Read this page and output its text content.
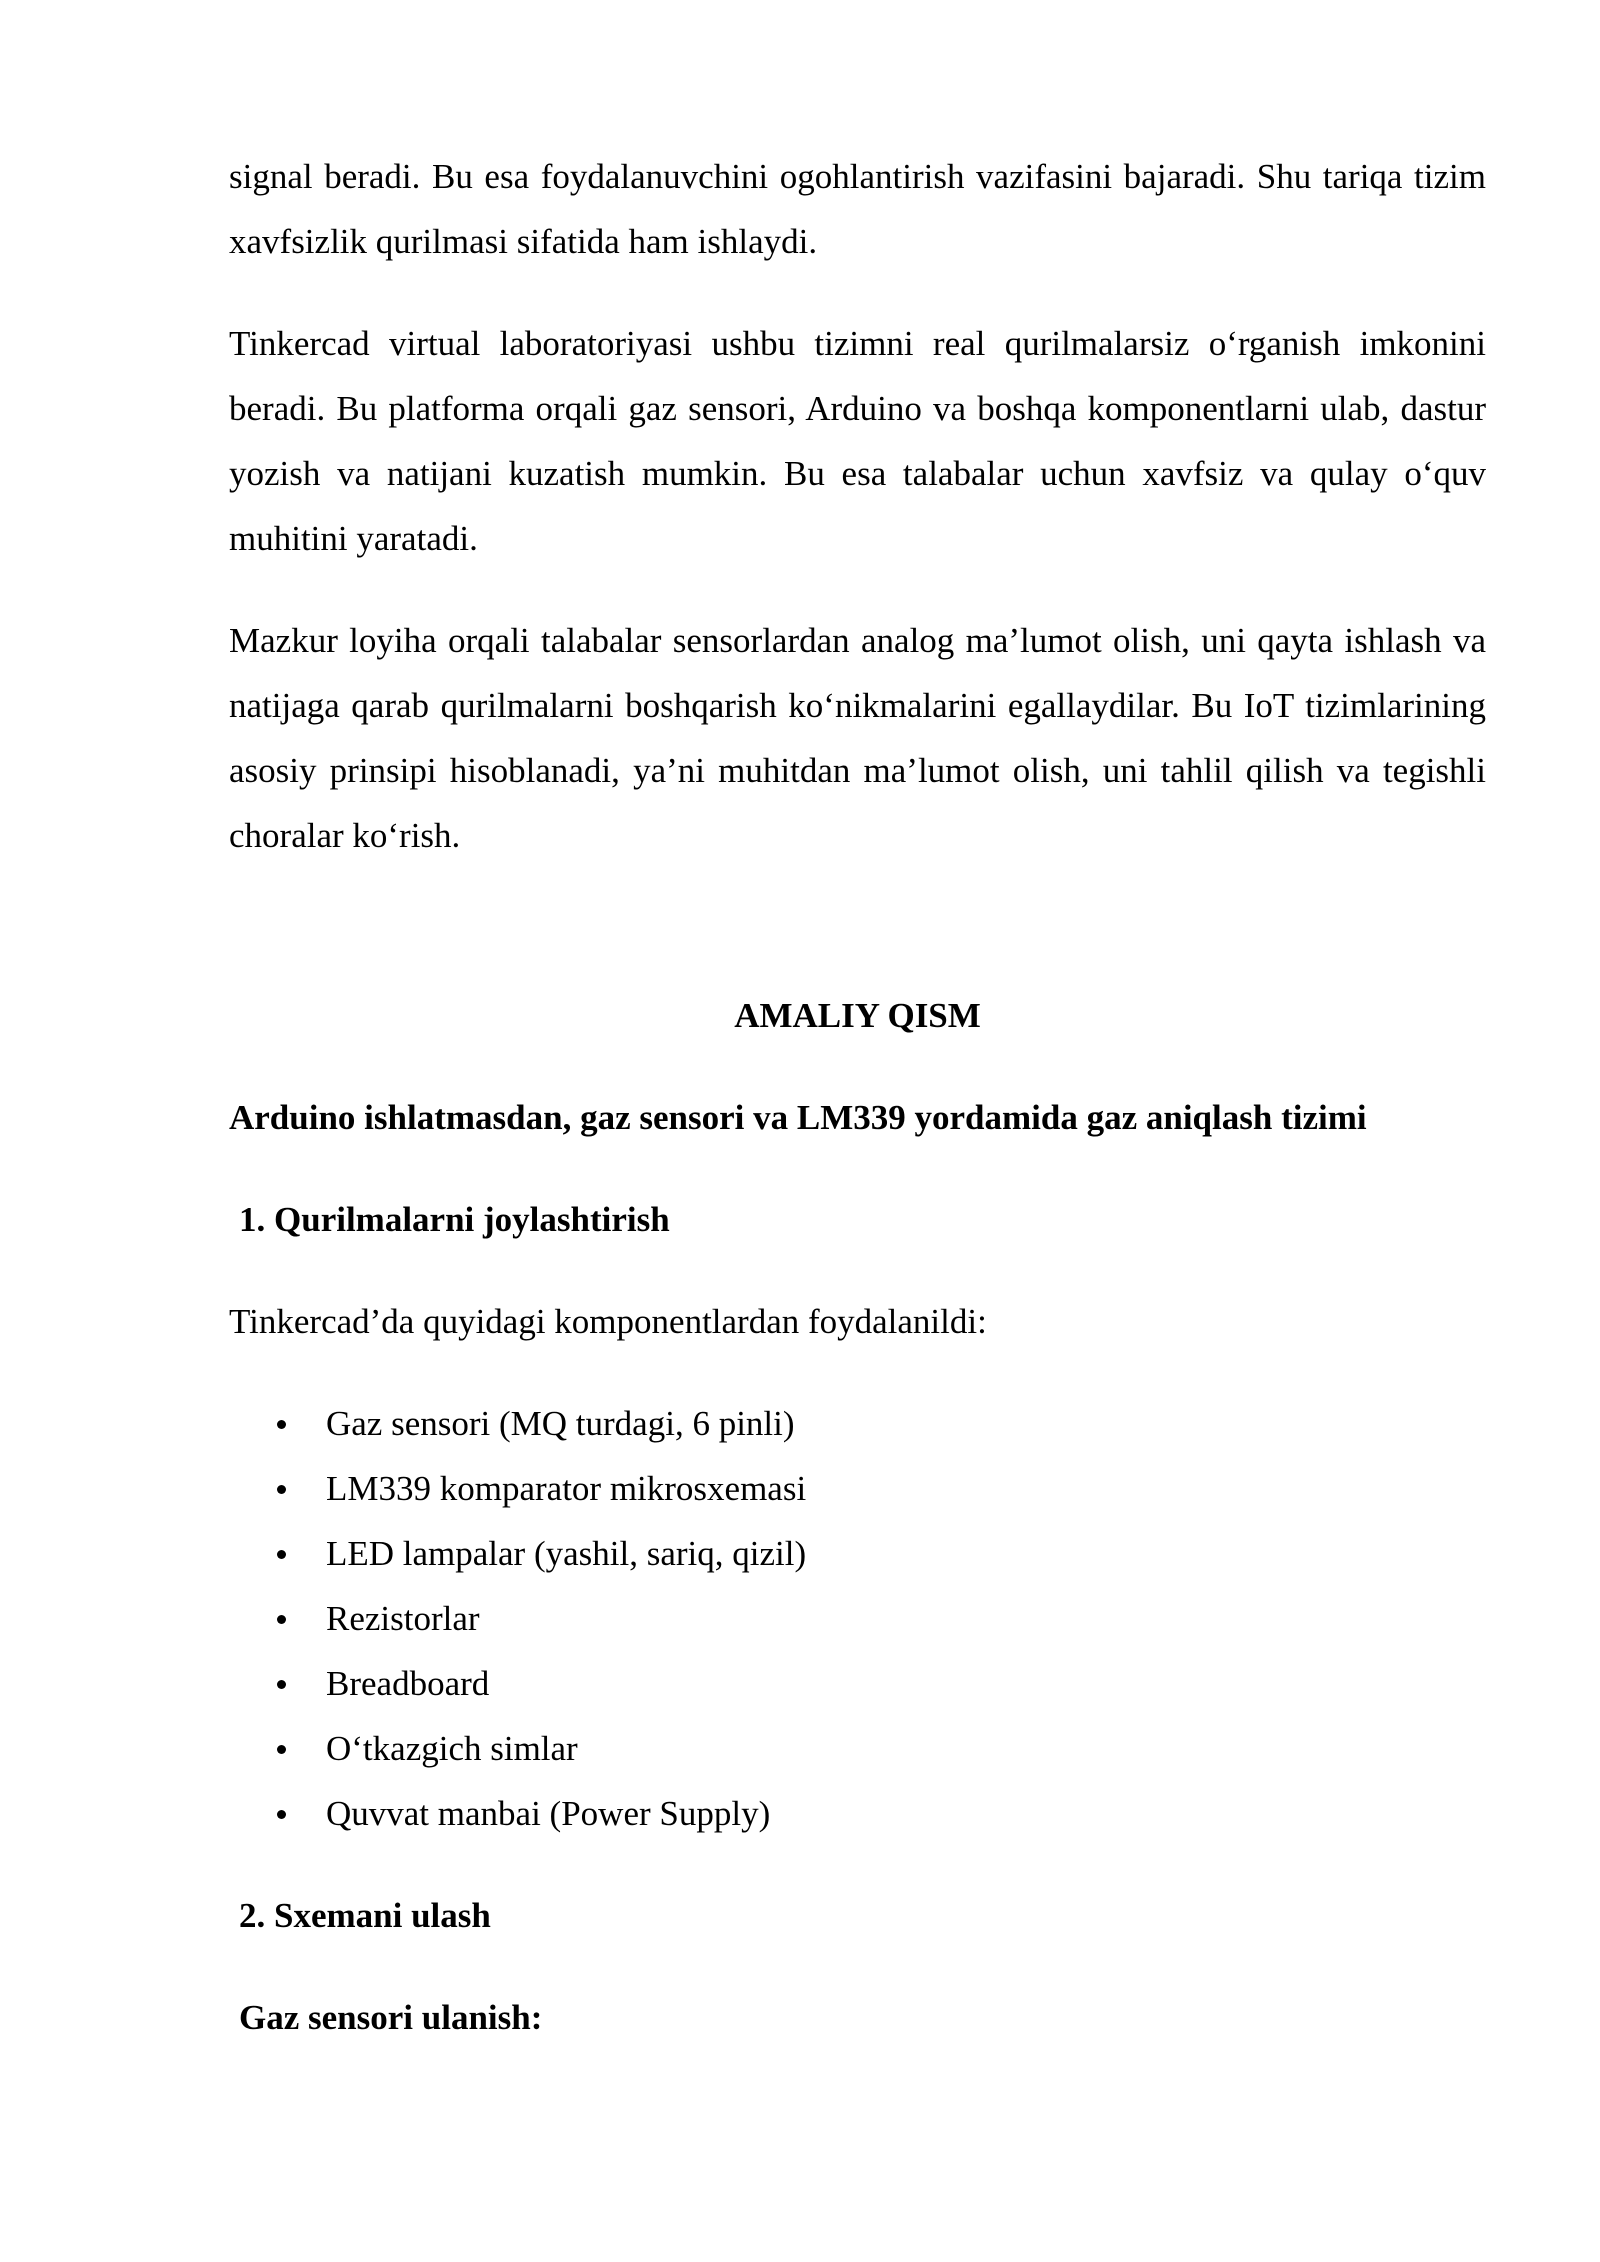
signal beradi. Bu esa foydalanuvchini ogohlantirish vazifasini bajaradi. Shu tariqa tizim xavfsizlik qurilmasi sifatida ham ishlaydi.

Tinkercad virtual laboratoriyasi ushbu tizimni real qurilmalarsiz o‘rganish imkonini beradi. Bu platforma orqali gaz sensori, Arduino va boshqa komponentlarni ulab, dastur yozish va natijani kuzatish mumkin. Bu esa talabalar uchun xavfsiz va qulay o‘quv muhitini yaratadi.

Mazkur loyiha orqali talabalar sensorlardan analog ma’lumot olish, uni qayta ishlash va natijaga qarab qurilmalarni boshqarish ko‘nikmalarini egallaydilar. Bu IoT tizimlarining asosiy prinsipi hisoblanadi, ya’ni muhitdan ma’lumot olish, uni tahlil qilish va tegishli choralar ko‘rish.

AMALIY QISM

Arduino ishlatmasdan, gaz sensori va LM339 yordamida gaz aniqlash tizimi

1. Qurilmalarni joylashtirish

Tinkercad’da quyidagi komponentlardan foydalanildi:

Gaz sensori (MQ turdagi, 6 pinli)
LM339 komparator mikrosxemasi
LED lampalar (yashil, sariq, qizil)
Rezistorlar
Breadboard
O‘tkazgich simlar
Quvvat manbai (Power Supply)

2. Sxemani ulash

Gaz sensori ulanish:
